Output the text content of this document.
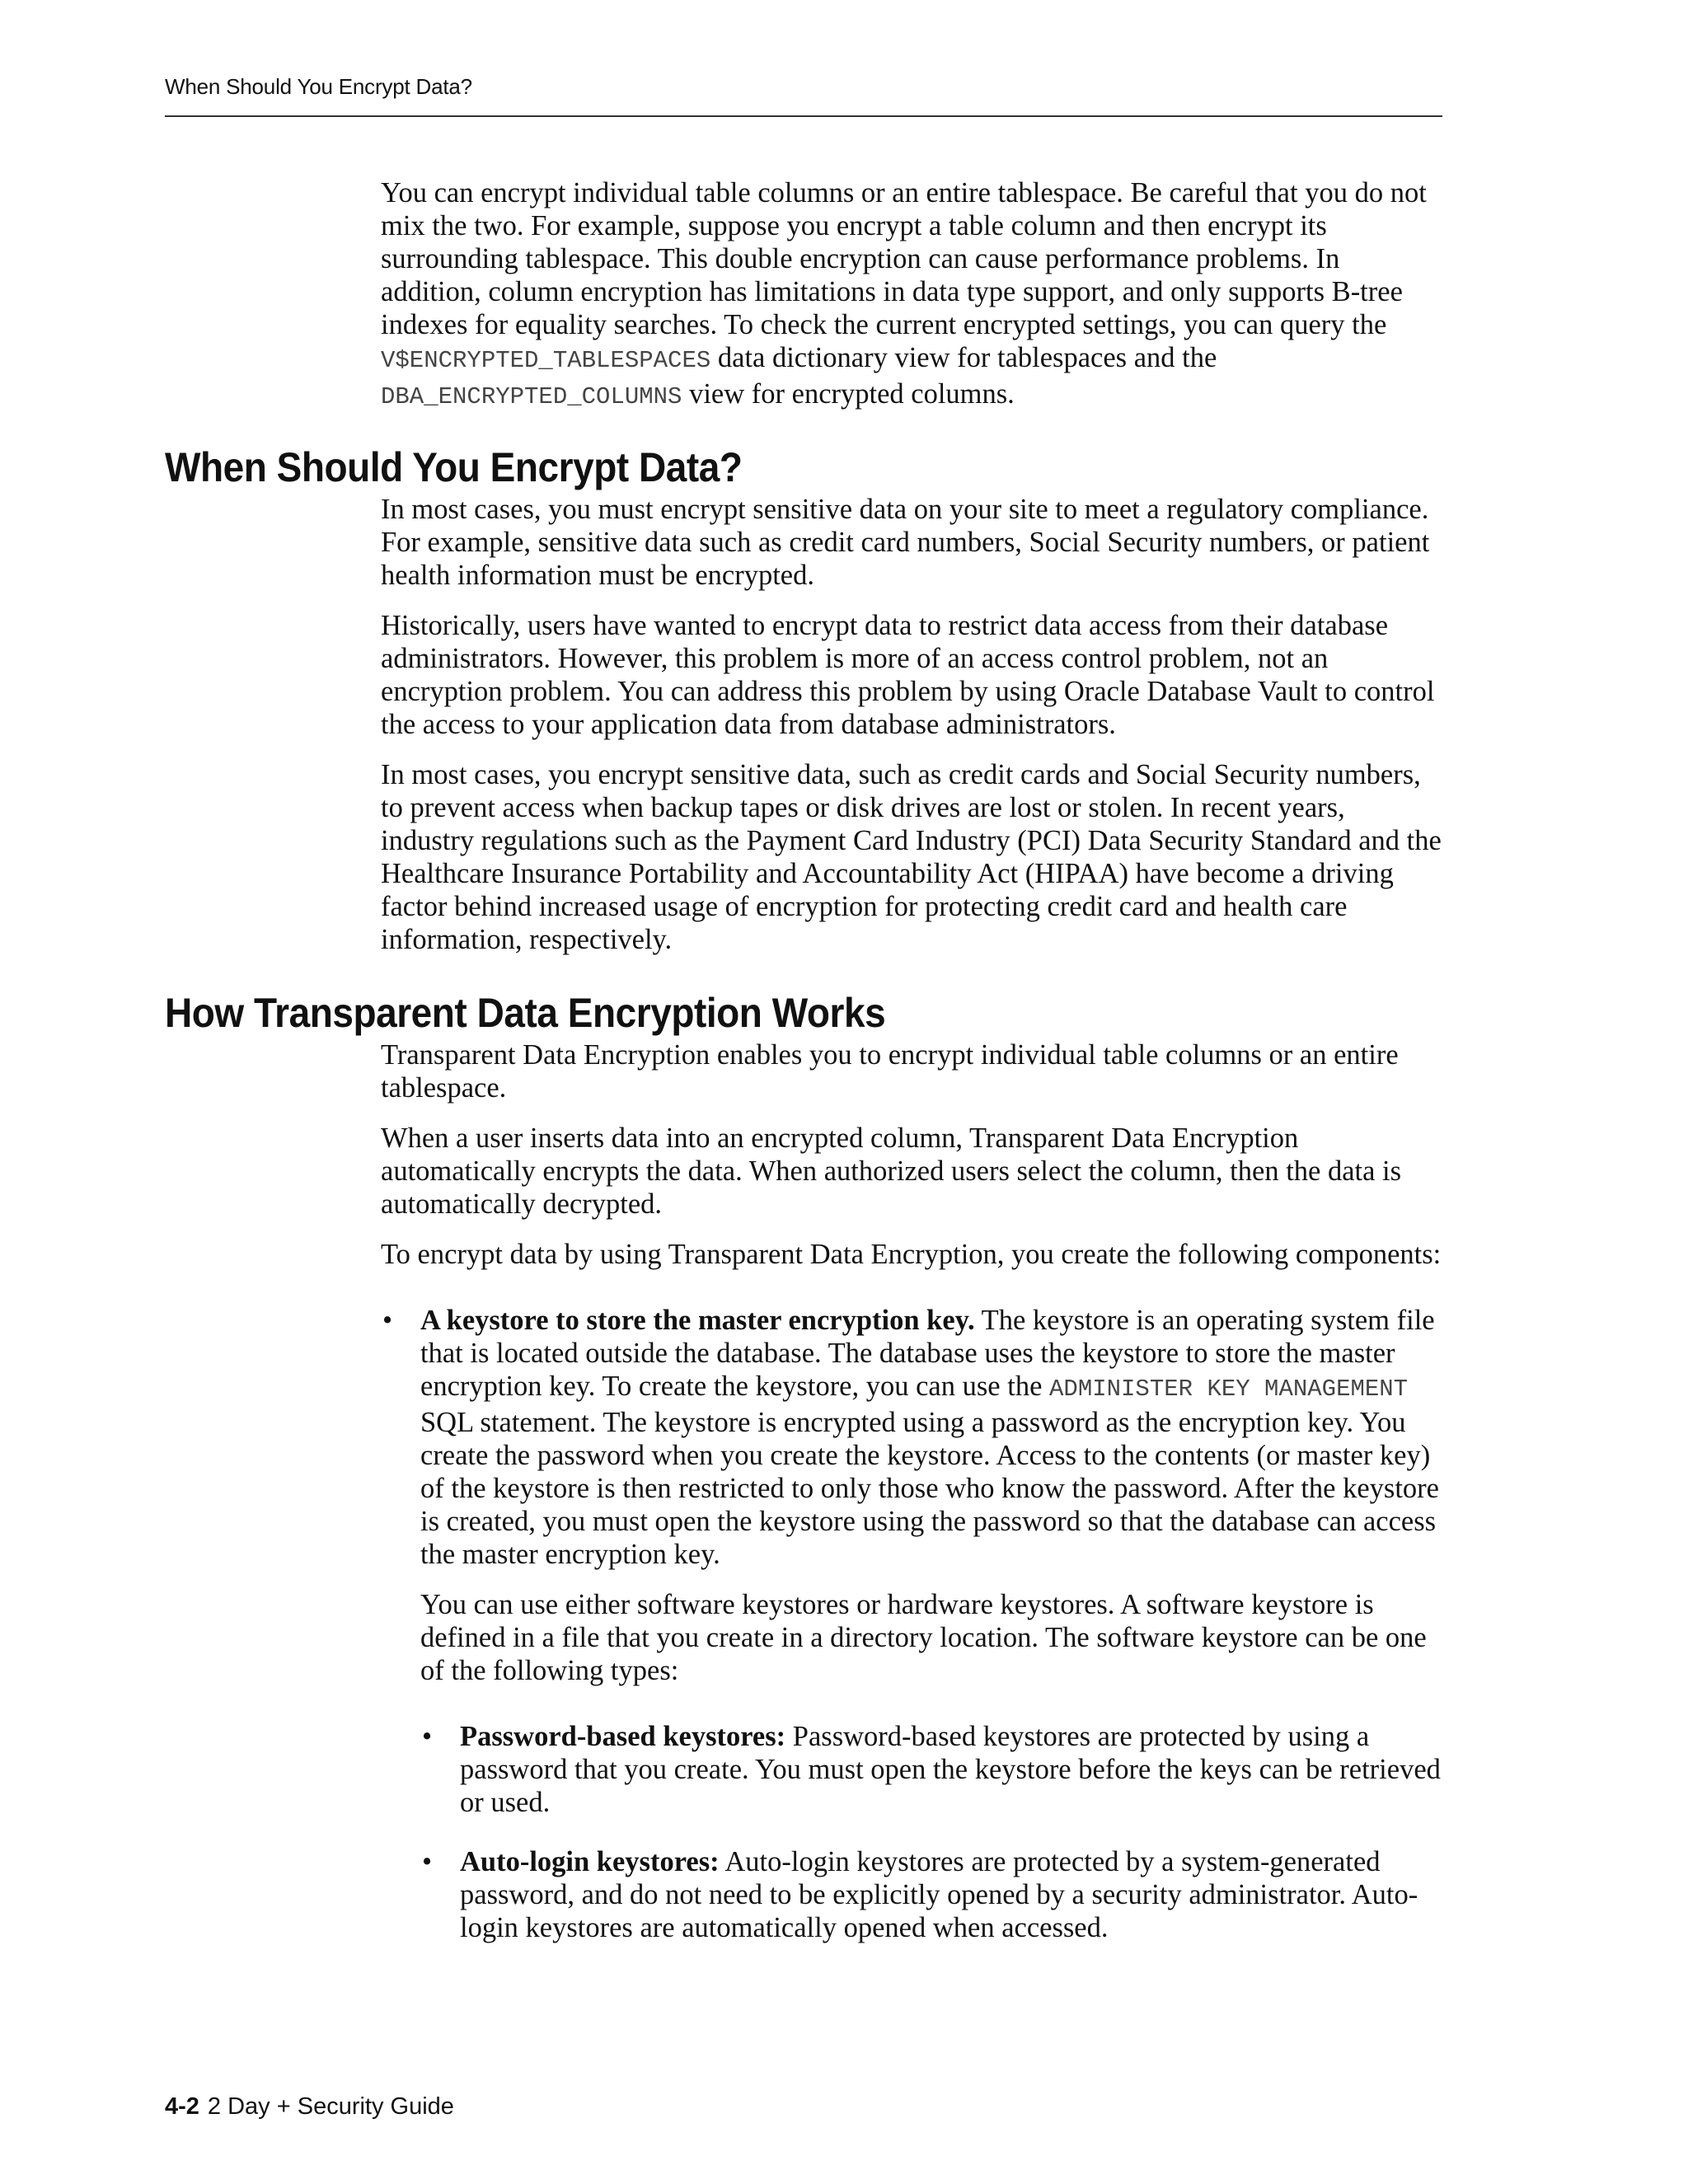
When Should You Encrypt Data?

You can encrypt individual table columns or an entire tablespace. Be careful that you do not mix the two. For example, suppose you encrypt a table column and then encrypt its surrounding tablespace. This double encryption can cause performance problems. In addition, column encryption has limitations in data type support, and only supports B-tree indexes for equality searches. To check the current encrypted settings, you can query the V$ENCRYPTED_TABLESPACES data dictionary view for tablespaces and the DBA_ENCRYPTED_COLUMNS view for encrypted columns.

When Should You Encrypt Data?

In most cases, you must encrypt sensitive data on your site to meet a regulatory compliance. For example, sensitive data such as credit card numbers, Social Security numbers, or patient health information must be encrypted.

Historically, users have wanted to encrypt data to restrict data access from their database administrators. However, this problem is more of an access control problem, not an encryption problem. You can address this problem by using Oracle Database Vault to control the access to your application data from database administrators.

In most cases, you encrypt sensitive data, such as credit cards and Social Security numbers, to prevent access when backup tapes or disk drives are lost or stolen. In recent years, industry regulations such as the Payment Card Industry (PCI) Data Security Standard and the Healthcare Insurance Portability and Accountability Act (HIPAA) have become a driving factor behind increased usage of encryption for protecting credit card and health care information, respectively.

How Transparent Data Encryption Works

Transparent Data Encryption enables you to encrypt individual table columns or an entire tablespace.

When a user inserts data into an encrypted column, Transparent Data Encryption automatically encrypts the data. When authorized users select the column, then the data is automatically decrypted.

To encrypt data by using Transparent Data Encryption, you create the following components:

• A keystore to store the master encryption key. The keystore is an operating system file that is located outside the database. The database uses the keystore to store the master encryption key. To create the keystore, you can use the ADMINISTER KEY MANAGEMENT SQL statement. The keystore is encrypted using a password as the encryption key. You create the password when you create the keystore. Access to the contents (or master key) of the keystore is then restricted to only those who know the password. After the keystore is created, you must open the keystore using the password so that the database can access the master encryption key.

You can use either software keystores or hardware keystores. A software keystore is defined in a file that you create in a directory location. The software keystore can be one of the following types:

• Password-based keystores: Password-based keystores are protected by using a password that you create. You must open the keystore before the keys can be retrieved or used.

• Auto-login keystores: Auto-login keystores are protected by a system-generated password, and do not need to be explicitly opened by a security administrator. Auto-login keystores are automatically opened when accessed.

4-2 2 Day + Security Guide
